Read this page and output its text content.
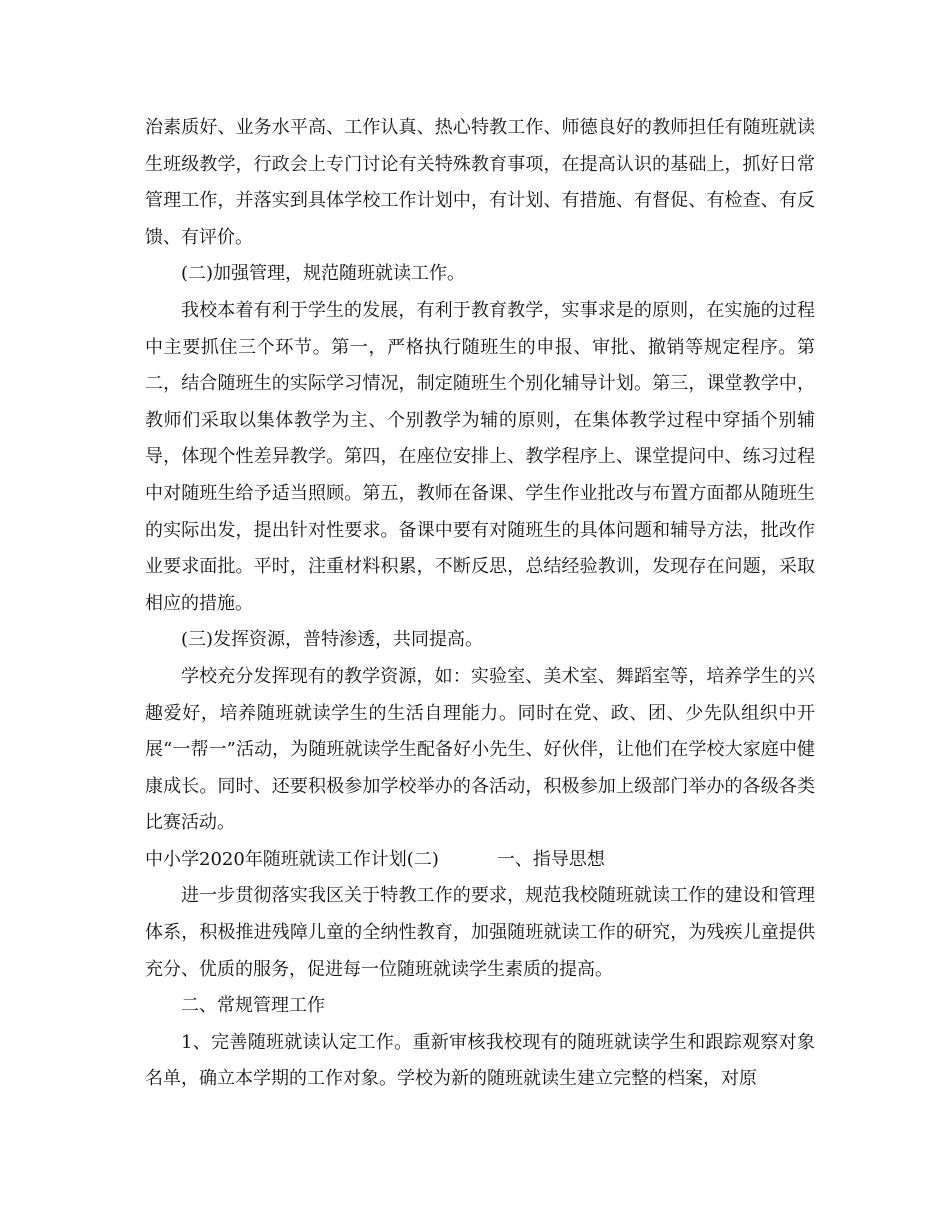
治素质好、业务水平高、工作认真、热心特教工作、师德良好的教师担任有随班就读生班级教学，行政会上专门讨论有关特殊教育事项，在提高认识的基础上，抓好日常管理工作，并落实到具体学校工作计划中，有计划、有措施、有督促、有检查、有反馈、有评价。

(二)加强管理，规范随班就读工作。

我校本着有利于学生的发展，有利于教育教学，实事求是的原则，在实施的过程中主要抓住三个环节。第一，严格执行随班生的申报、审批、撤销等规定程序。第二，结合随班生的实际学习情况，制定随班生个别化辅导计划。第三，课堂教学中，教师们采取以集体教学为主、个别教学为辅的原则，在集体教学过程中穿插个别辅导，体现个性差异教学。第四，在座位安排上、教学程序上、课堂提问中、练习过程中对随班生给予适当照顾。第五，教师在备课、学生作业批改与布置方面都从随班生的实际出发，提出针对性要求。备课中要有对随班生的具体问题和辅导方法，批改作业要求面批。平时，注重材料积累，不断反思，总结经验教训，发现存在问题，采取相应的措施。

(三)发挥资源，普特渗透，共同提高。

学校充分发挥现有的教学资源，如：实验室、美术室、舞蹈室等，培养学生的兴趣爱好，培养随班就读学生的生活自理能力。同时在党、政、团、少先队组织中开展“一帮一”活动，为随班就读学生配备好小先生、好伙伴，让他们在学校大家庭中健康成长。同时、还要积极参加学校举办的各活动，积极参加上级部门举办的各级各类比赛活动。

中小学2020年随班就读工作计划(二)	一、指导思想

进一步贯彻落实我区关于特教工作的要求，规范我校随班就读工作的建设和管理体系，积极推进残障儿童的全纳性教育，加强随班就读工作的研究，为残疾儿童提供充分、优质的服务，促进每一位随班就读学生素质的提高。

二、常规管理工作

1、完善随班就读认定工作。重新审核我校现有的随班就读学生和跟踪观察对象名单，确立本学期的工作对象。学校为新的随班就读生建立完整的档案，对原
